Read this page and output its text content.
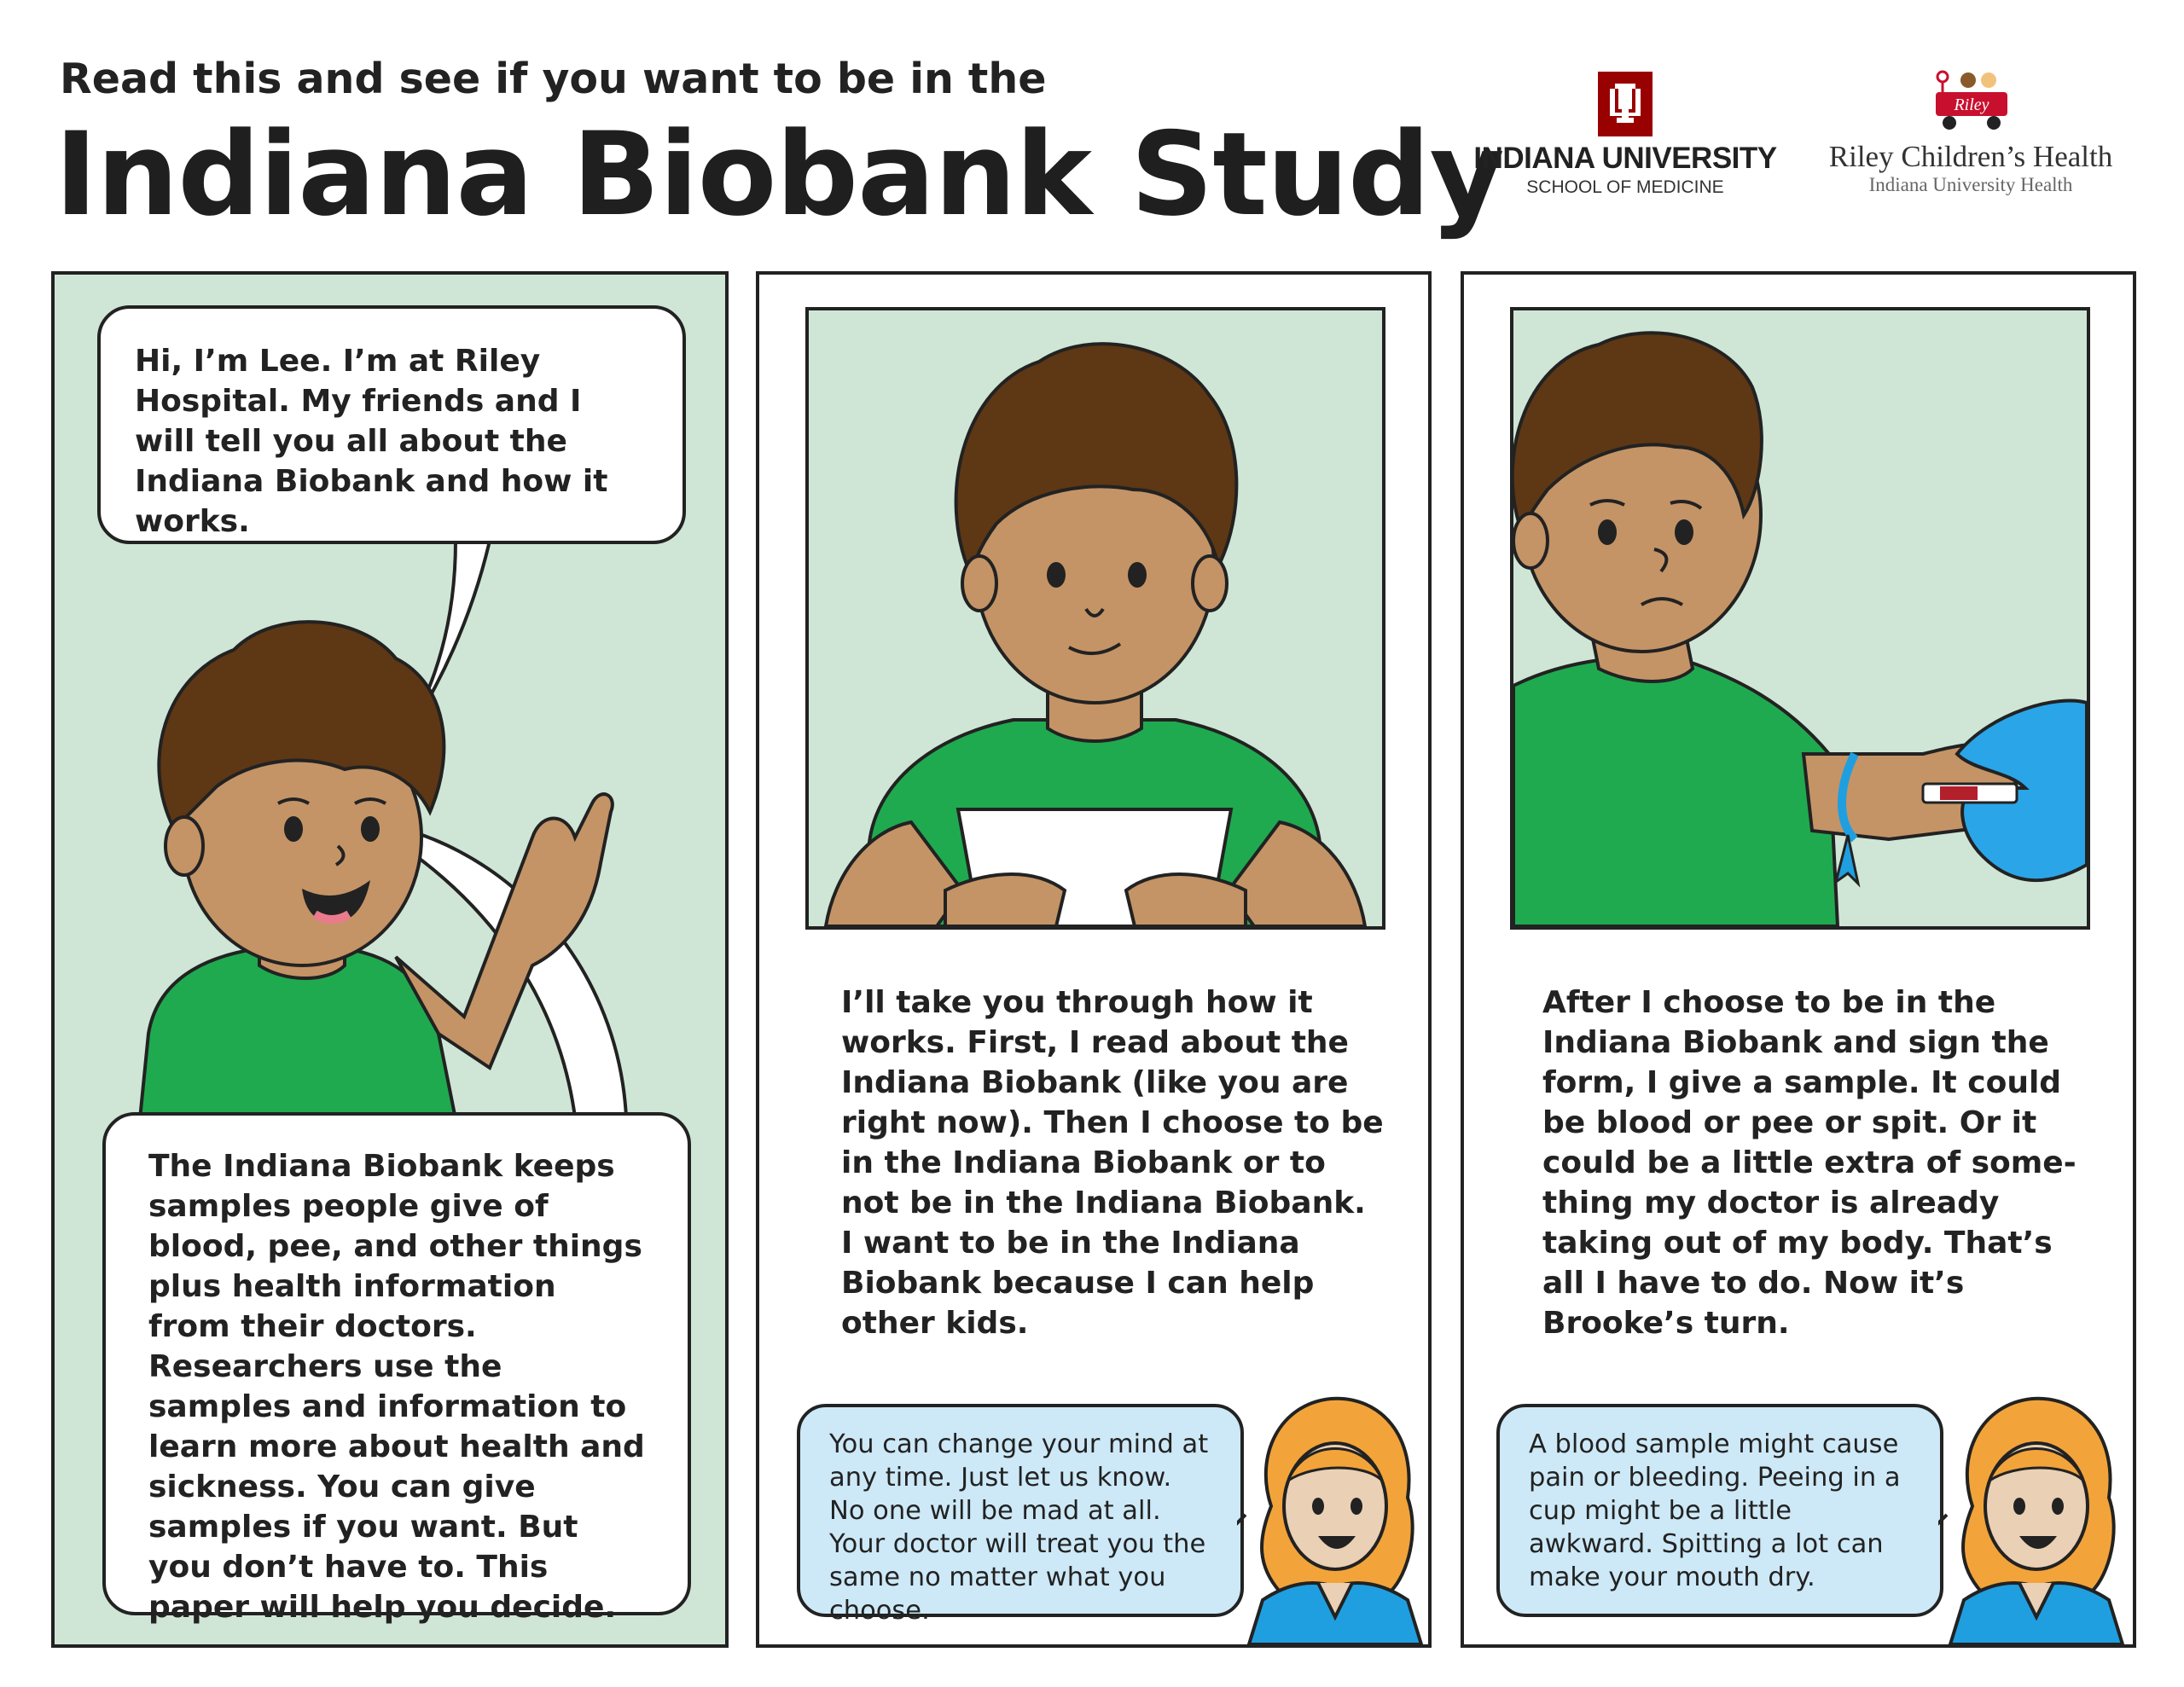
Read this and see if you want to be in the
Indiana Biobank Study
INDIANA UNIVERSITY
SCHOOL OF MEDICINE
Riley
Riley Children’s Health
Indiana University Health
Hi, I’m Lee. I’m at Riley Hospital. My friends and I will tell you all about the Indiana Biobank and how it works.
The Indiana Biobank keeps samples people give of blood, pee, and other things plus health information from their doctors. Researchers use the samples and information to learn more about health and sickness. You can give samples if you want. But you don’t have to. This paper will help you decide.
I’ll take you through how it works. First, I read about the Indiana Biobank (like you are right now). Then I choose to be in the Indiana Biobank or to not be in the Indiana Biobank. I want to be in the Indiana Biobank because I can help other kids.
You can change your mind at any time. Just let us know. No one will be mad at all. Your doctor will treat you the same no matter what you choose.
After I choose to be in the Indiana Biobank and sign the form, I give a sample. It could be blood or pee or spit. Or it could be a little extra of some-thing my doctor is already taking out of my body. That’s all I have to do. Now it’s Brooke’s turn.
A blood sample might cause pain or bleeding. Peeing in a cup might be a little awkward. Spitting a lot can make your mouth dry.
